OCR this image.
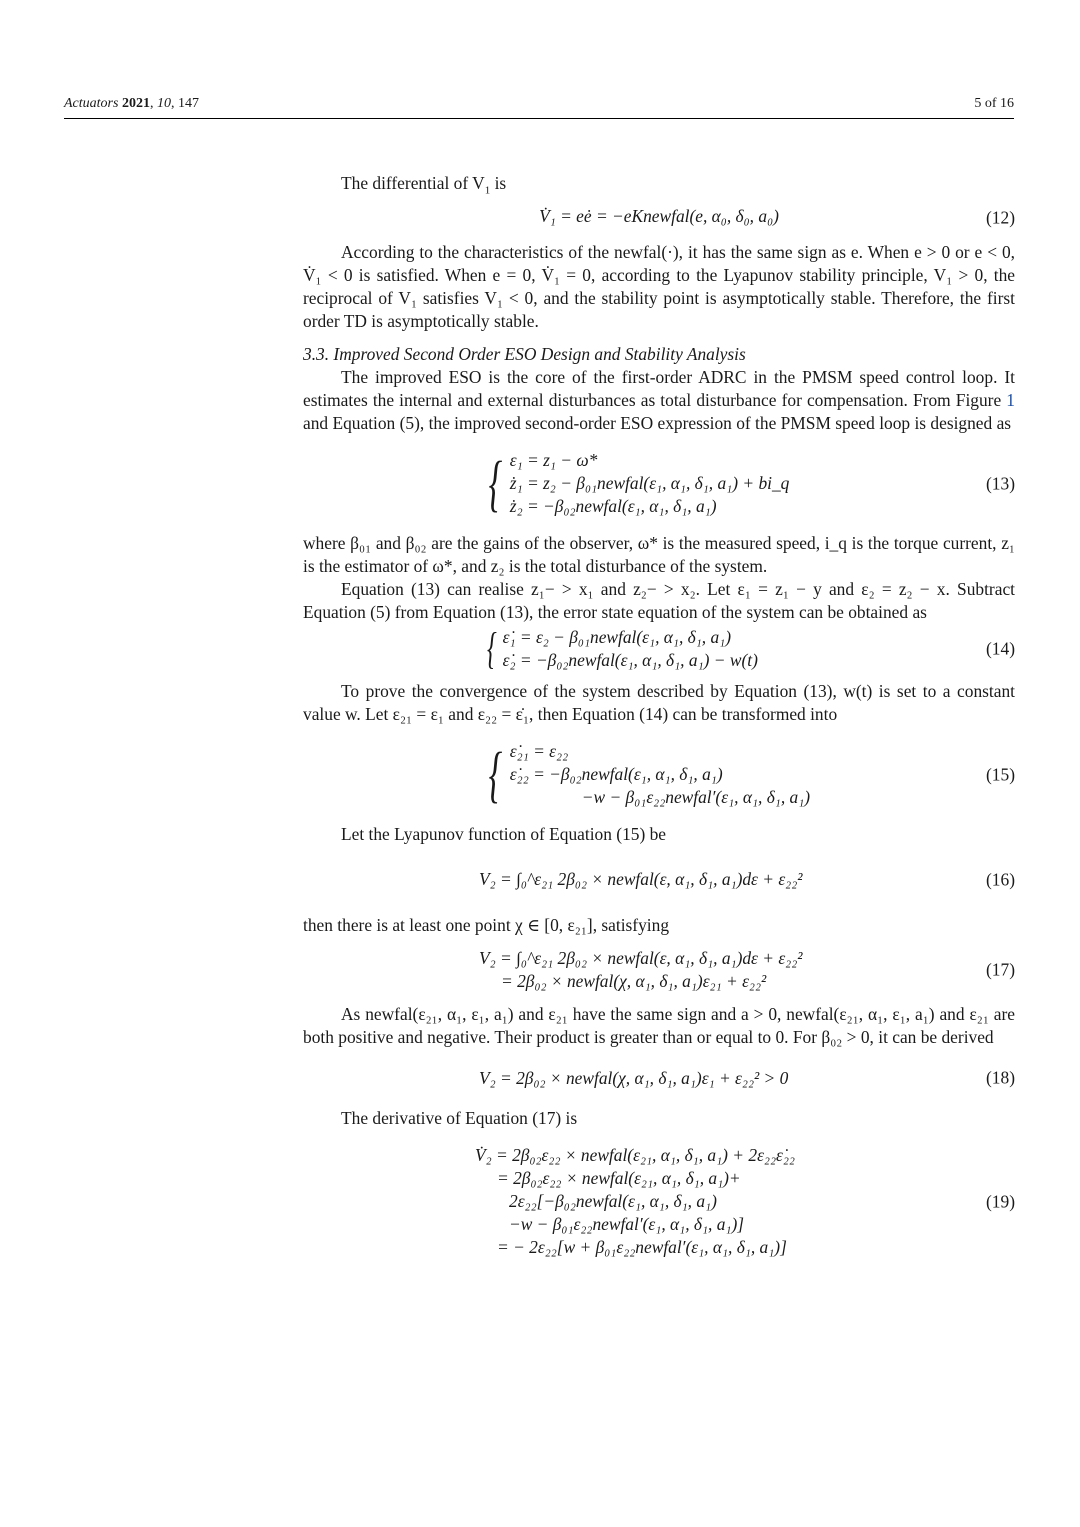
Actuators 2021, 10, 147	5 of 16

The differential of $V_1$ is

V̇₁ = eė = −eKnewfal(e, α₀, δ₀, a₀)	(12)

According to the characteristics of the newfal(·), it has the same sign as e. When e > 0 or e < 0, V̇₁ < 0 is satisfied. When e = 0, V̇₁ = 0, according to the Lyapunov stability principle, V₁ > 0, the reciprocal of V₁ satisfies V₁ < 0, and the stability point is asymptotically stable. Therefore, the first order TD is asymptotically stable.

3.3. Improved Second Order ESO Design and Stability Analysis

The improved ESO is the core of the first-order ADRC in the PMSM speed control loop. It estimates the internal and external disturbances as total disturbance for compensation. From Figure 1 and Equation (5), the improved second-order ESO expression of the PMSM speed loop is designed as

{ ε₁ = z₁ − ω*
ż₁ = z₂ − β₀₁newfal(ε₁, α₁, δ₁, a₁) + bi_q
ż₂ = −β₀₂newfal(ε₁, α₁, δ₁, a₁)
(13)

where β₀₁ and β₀₂ are the gains of the observer, ω* is the measured speed, i_q is the torque current, z₁ is the estimator of ω*, and z₂ is the total disturbance of the system.

Equation (13) can realise z₁− > x₁ and z₂− > x₂. Let ε₁ = z₁ − y and ε₂ = z₂ − x. Subtract Equation (5) from Equation (13), the error state equation of the system can be obtained as

{ ε̇₁ = ε₂ − β₀₁newfal(ε₁, α₁, δ₁, a₁)
ε̇₂ = −β₀₂newfal(ε₁, α₁, δ₁, a₁) − w(t)
(14)

To prove the convergence of the system described by Equation (13), w(t) is set to a constant value w. Let ε₂₁ = ε₁ and ε₂₂ = ε̇₁, then Equation (14) can be transformed into

{ ε̇₂₁ = ε₂₂
ε̇₂₂ = −β₀₂newfal(ε₁, α₁, δ₁, a₁)
−w − β₀₁ε₂₂newfal′(ε₁, α₁, δ₁, a₁)
(15)

Let the Lyapunov function of Equation (15) be

V₂ = ∫₀^ε₂₁ 2β₀₂ × newfal(ε, α₁, δ₁, a₁)dε + ε₂₂²	(16)

then there is at least one point χ ∈ [0, ε₂₁], satisfying

V₂ = ∫₀^ε₂₁ 2β₀₂ × newfal(ε, α₁, δ₁, a₁)dε + ε₂₂²
= 2β₀₂ × newfal(χ, α₁, δ₁, a₁)ε₂₁ + ε₂₂²
(17)

As newfal(ε₂₁, α₁, ε₁, a₁) and ε₂₁ have the same sign and a > 0, newfal(ε₂₁, α₁, ε₁, a₁) and ε₂₁ are both positive and negative. Their product is greater than or equal to 0. For β₀₂ > 0, it can be derived

V₂ = 2β₀₂ × newfal(χ, α₁, δ₁, a₁)ε₁ + ε₂₂² > 0	(18)

The derivative of Equation (17) is

V̇₂ = 2β₀₂ε₂₂ × newfal(ε₂₁, α₁, δ₁, a₁) + 2ε₂₂ε̇₂₂
= 2β₀₂ε₂₂ × newfal(ε₂₁, α₁, δ₁, a₁)+
2ε₂₂[−β₀₂newfal(ε₁, α₁, δ₁, a₁)
−w − β₀₁ε₂₂newfal′(ε₁, α₁, δ₁, a₁)]
= − 2ε₂₂[w + β₀₁ε₂₂newfal′(ε₁, α₁, δ₁, a₁)]
(19)
